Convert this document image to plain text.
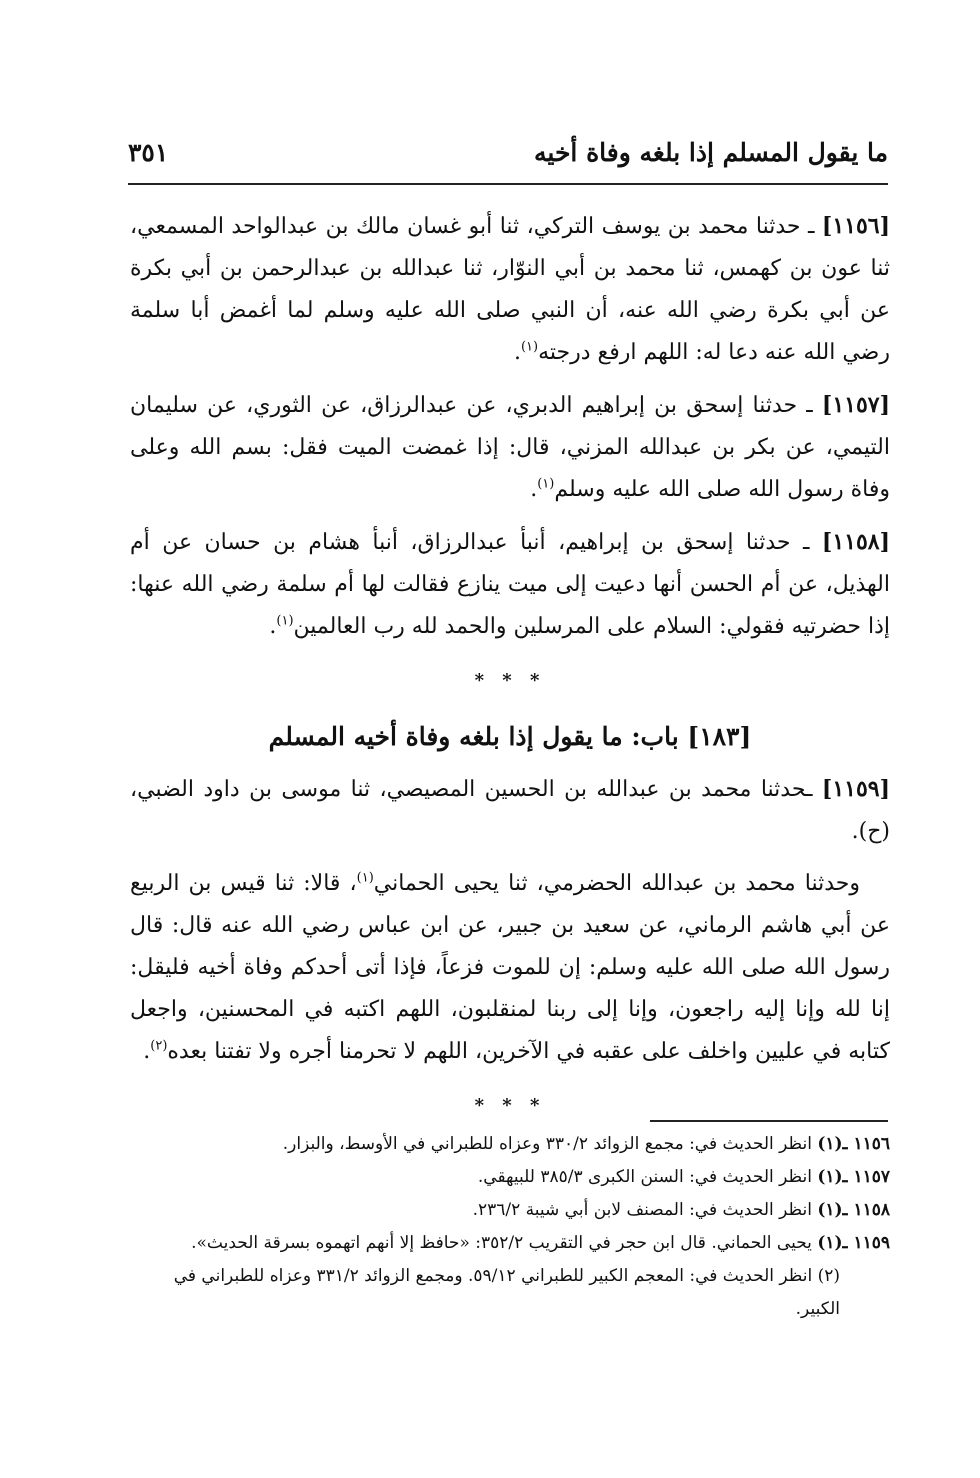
ما يقول المسلم إذا بلغه وفاة أخيه
٣٥١

[١١٥٦] ـ حدثنا محمد بن يوسف التركي، ثنا أبو غسان مالك بن عبدالواحد المسمعي، ثنا عون بن كهمس، ثنا محمد بن أبي النوّار، ثنا عبدالله بن عبدالرحمن بن أبي بكرة عن أبي بكرة رضي الله عنه، أن النبي صلى الله عليه وسلم لما أغمض أبا سلمة رضي الله عنه دعا له: اللهم ارفع درجته$^{(١)}$.

[١١٥٧] ـ حدثنا إسحق بن إبراهيم الدبري، عن عبدالرزاق، عن الثوري، عن سليمان التيمي، عن بكر بن عبدالله المزني، قال: إذا غمضت الميت فقل: بسم الله وعلى وفاة رسول الله صلى الله عليه وسلم$^{(١)}$.

[١١٥٨] ـ حدثنا إسحق بن إبراهيم، أنبأ عبدالرزاق، أنبأ هشام بن حسان عن أم الهذيل، عن أم الحسن أنها دعيت إلى ميت ينازع فقالت لها أم سلمة رضي الله عنها: إذا حضرتيه فقولي: السلام على المرسلين والحمد لله رب العالمين$^{(١)}$.

* * *
[١٨٣] باب: ما يقول إذا بلغه وفاة أخيه المسلم

[١١٥٩] ـحدثنا محمد بن عبدالله بن الحسين المصيصي، ثنا موسى بن داود الضبي، (ح).

وحدثنا محمد بن عبدالله الحضرمي، ثنا يحيى الحماني$^{(١)}$، قالا: ثنا قيس بن الربيع عن أبي هاشم الرماني، عن سعيد بن جبير، عن ابن عباس رضي الله عنه قال: قال رسول الله صلى الله عليه وسلم: إن للموت فزعاً، فإذا أتى أحدكم وفاة أخيه فليقل: إنا لله وإنا إليه راجعون، وإنا إلى ربنا لمنقلبون، اللهم اكتبه في المحسنين، واجعل كتابه في عليين واخلف على عقبه في الآخرين، اللهم لا تحرمنا أجره ولا تفتنا بعده$^{(٢)}$.

* * *

١١٥٦ ـ(١) انظر الحديث في: مجمع الزوائد ٣٣٠/٢ وعزاه للطبراني في الأوسط، والبزار.

١١٥٧ ـ(١) انظر الحديث في: السنن الكبرى ٣٨٥/٣ للبيهقي.

١١٥٨ ـ(١) انظر الحديث في: المصنف لابن أبي شيبة ٢٣٦/٢.

١١٥٩ ـ(١) يحيى الحماني. قال ابن حجر في التقريب ٣٥٢/٢: «حافظ إلا أنهم اتهموه بسرقة الحديث».

(٢) انظر الحديث في: المعجم الكبير للطبراني ٥٩/١٢. ومجمع الزوائد ٣٣١/٢ وعزاه للطبراني في الكبير.
